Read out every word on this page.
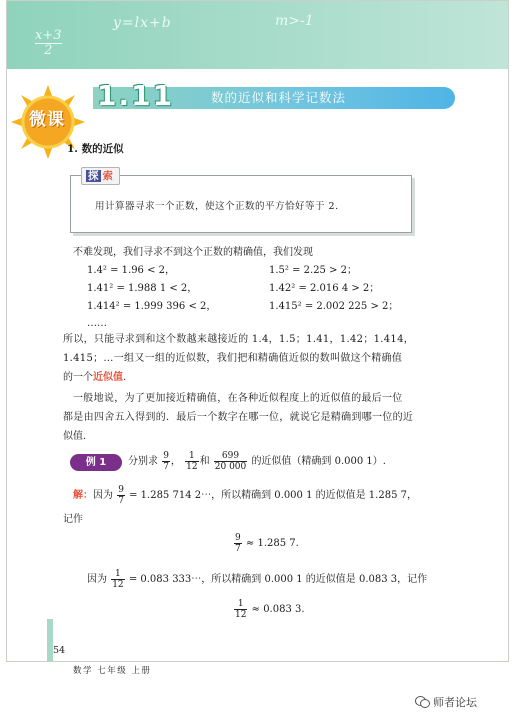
$\frac{x+3}{2}$
y=lx+b	m>-1
数的近似和科学记数法
1.11
微课
1. 数的近似
探 索
用计算器寻求一个正数，使这个正数的平方恰好等于 2.
不难发现，我们寻求不到这个正数的精确值，我们发现
1.4² = 1.96 < 2，	1.5² = 2.25 > 2；
1.41² = 1.988 1 < 2，	1.42² = 2.016 4 > 2；
1.414² = 1.999 396 < 2，	1.415² = 2.002 225 > 2；
……
所以，只能寻求到和这个数越来越接近的 1.4，1.5；1.41，1.42；1.414，
1.415；…一组又一组的近似数，我们把和精确值近似的数叫做这个精确值
的一个近似值.
一般地说，为了更加接近精确值，在各种近似程度上的近似值的最后一位
都是由四舍五入得到的．最后一个数字在哪一位，就说它是精确到哪一位的近
似值．
例 1	分别求 $\frac{9}{7}$ ， $\frac{1}{12}$ 和 $\frac{699}{20 000}$ 的近似值（精确到 0.000 1）.
解：因为 $\frac{9}{7} = 1.285$ 714 2⋯，所以精确到 0.000 1 的近似值是 1.285 7，
记作
$\frac{9}{7} \approx 1.285$ 7.
因为 $\frac{1}{12} = 0.083$ 333⋯，所以精确到 0.000 1 的近似值是 0.083 3，记作
$\frac{1}{12} \approx 0.083$ 3.
54
数学 七年级 上册
师者论坛
